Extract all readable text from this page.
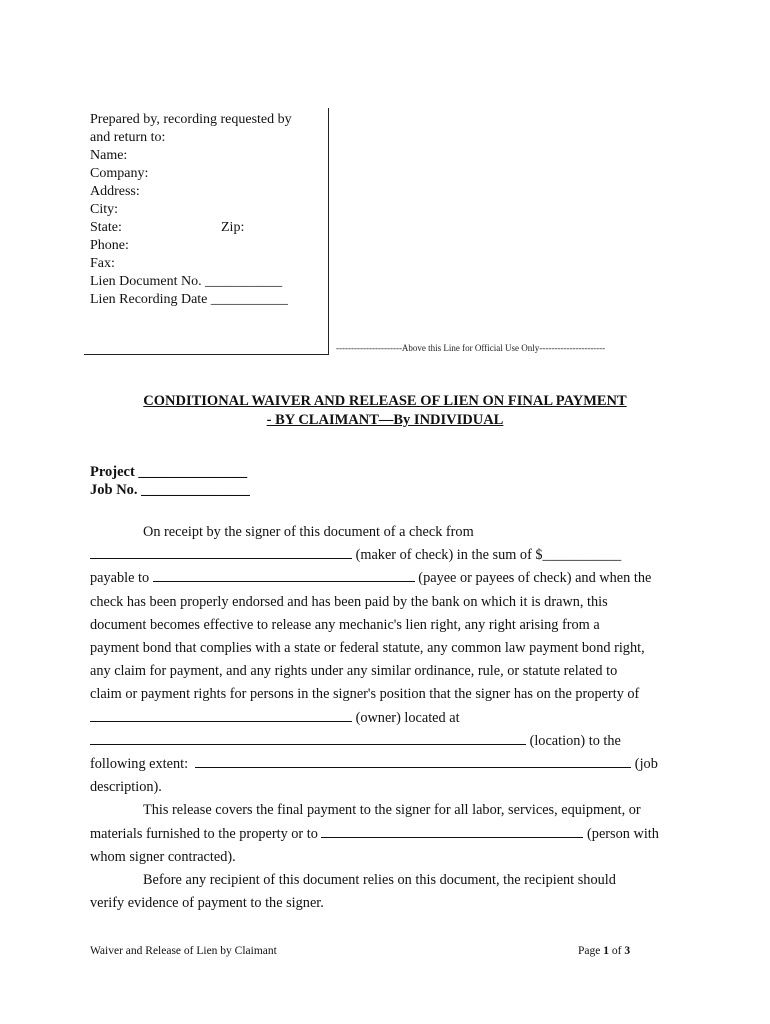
Prepared by, recording requested by
and return to:
Name:
Company:
Address:
City:
State:	Zip:
Phone:
Fax:
Lien Document No. ___________
Lien Recording Date ___________
----------------------Above this Line for Official Use Only----------------------
CONDITIONAL WAIVER AND RELEASE OF LIEN ON FINAL PAYMENT
- BY CLAIMANT—By INDIVIDUAL
Project _______________
Job No. _______________
On receipt by the signer of this document of a check from
(maker of check) in the sum of $___________
payable to	(payee or payees of check) and when the
check has been properly endorsed and has been paid by the bank on which it is drawn, this
document becomes effective to release any mechanic's lien right, any right arising from a
payment bond that complies with a state or federal statute, any common law payment bond right,
any claim for payment, and any rights under any similar ordinance, rule, or statute related to
claim or payment rights for persons in the signer's position that the signer has on the property of
(owner) located at
(location) to the
following extent:	(job
description).
This release covers the final payment to the signer for all labor, services, equipment, or
materials furnished to the property or to	(person with
whom signer contracted).
Before any recipient of this document relies on this document, the recipient should
verify evidence of payment to the signer.
Waiver and Release of Lien by Claimant	Page 1 of 3
